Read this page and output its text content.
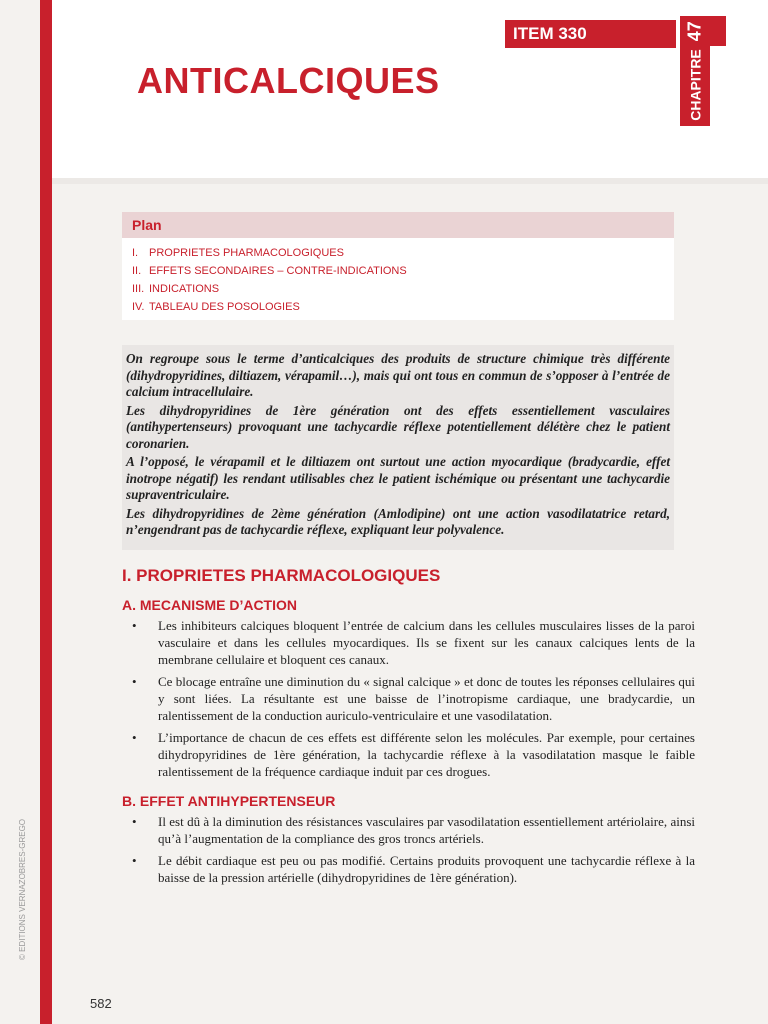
ITEM 330
CHAPITRE47
ANTICALCIQUES
Plan
I. PROPRIETES PHARMACOLOGIQUES
II. EFFETS SECONDAIRES – CONTRE-INDICATIONS
III. INDICATIONS
IV. TABLEAU DES POSOLOGIES

On regroupe sous le terme d’anticalciques des produits de structure chimique très différente (dihydropyridines, diltiazem, vérapamil…), mais qui ont tous en commun de s’opposer à l’entrée de calcium intracellulaire.

Les dihydropyridines de 1ère génération ont des effets essentiellement vasculaires (antihypertenseurs) provoquant une tachycardie réflexe potentiellement délétère chez le patient coronarien.

A l’opposé, le vérapamil et le diltiazem ont surtout une action myocardique (bradycardie, effet inotrope négatif) les rendant utilisables chez le patient ischémique ou présentant une tachycardie supraventriculaire.

Les dihydropyridines de 2ème génération (Amlodipine) ont une action vasodilatatrice retard, n’engendrant pas de tachycardie réflexe, expliquant leur polyvalence.

I. PROPRIETES PHARMACOLOGIQUES
A. MECANISME D’ACTION
• Les inhibiteurs calciques bloquent l’entrée de calcium dans les cellules musculaires lisses de la paroi vasculaire et dans les cellules myocardiques. Ils se fixent sur les canaux calciques lents de la membrane cellulaire et bloquent ces canaux.
• Ce blocage entraîne une diminution du « signal calcique » et donc de toutes les réponses cellulaires qui y sont liées. La résultante est une baisse de l’inotropisme cardiaque, une bradycardie, un ralentissement de la conduction auriculo-ventriculaire et une vasodilatation.
• L’importance de chacun de ces effets est différente selon les molécules. Par exemple, pour certaines dihydropyridines de 1ère génération, la tachycardie réflexe à la vasodilatation masque le faible ralentissement de la fréquence cardiaque induit par ces drogues.
B. EFFET ANTIHYPERTENSEUR
• Il est dû à la diminution des résistances vasculaires par vasodilatation essentiellement artériolaire, ainsi qu’à l’augmentation de la compliance des gros troncs artériels.
• Le débit cardiaque est peu ou pas modifié. Certains produits provoquent une tachycardie réflexe à la baisse de la pression artérielle (dihydropyridines de 1ère génération).
© EDITIONS VERNAZOBRES-GREGO
582
